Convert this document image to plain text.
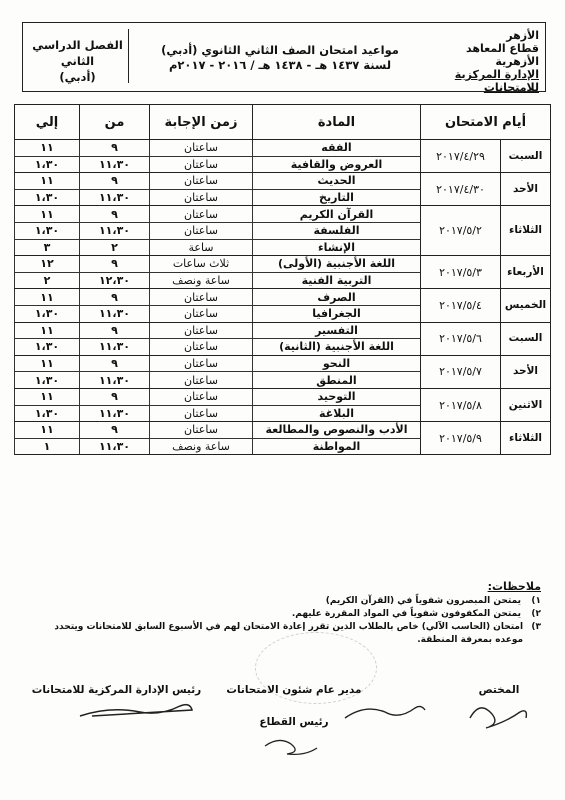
الأزهر
قطاع المعاهد الأزهرية
الإدارة المركزية للامتحانات
مواعيد امتحان الصف الثاني الثانوي (أدبي)
لسنة ١٤٣٧ هـ - ١٤٣٨ هـ / ٢٠١٦ - ٢٠١٧م
الفصل الدراسي الثاني
(أدبي)
أيام الامتحان		المادة	زمن الإجابة	من	إلي
السبت	٢٠١٧/٤/٢٩	الفقه	ساعتان	٩	١١
		العروض والقافية	ساعتان	١١،٣٠	١،٣٠
الأحد	٢٠١٧/٤/٣٠	الحديث	ساعتان	٩	١١
		التاريخ	ساعتان	١١،٣٠	١،٣٠
الثلاثاء	٢٠١٧/٥/٢	القرآن الكريم	ساعتان	٩	١١
		الفلسفة	ساعتان	١١،٣٠	١،٣٠
		الإنشاء	ساعة	٢	٣
الأربعاء	٢٠١٧/٥/٣	اللغة الأجنبية (الأولى)	ثلاث ساعات	٩	١٢
		التربية الفنية	ساعة ونصف	١٢،٣٠	٢
الخميس	٢٠١٧/٥/٤	الصرف	ساعتان	٩	١١
		الجغرافيا	ساعتان	١١،٣٠	١،٣٠
السبت	٢٠١٧/٥/٦	التفسير	ساعتان	٩	١١
		اللغة الأجنبية (الثانية)	ساعتان	١١،٣٠	١،٣٠
الأحد	٢٠١٧/٥/٧	النحو	ساعتان	٩	١١
		المنطق	ساعتان	١١،٣٠	١،٣٠
الاثنين	٢٠١٧/٥/٨	التوحيد	ساعتان	٩	١١
		البلاغة	ساعتان	١١،٣٠	١،٣٠
الثلاثاء	٢٠١٧/٥/٩	الأدب والنصوص والمطالعة	ساعتان	٩	١١
		المواطنة	ساعة ونصف	١١،٣٠	١
ملاحظات:
١)
يمتحن المبصرون شفوياً في (القرآن الكريم)
٢)
يمتحن المكفوفون شفوياً في المواد المقررة عليهم.
٣)
امتحان (الحاسب الآلي) خاص بالطلاب الذين تقرر إعادة الامتحان لهم في الأسبوع السابق للامتحانات ويتحدد موعده بمعرفة المنطقة.
المختص
مدير عام شئون الامتحانات
رئيس الإدارة المركزية للامتحانات
رئيس القطاع
